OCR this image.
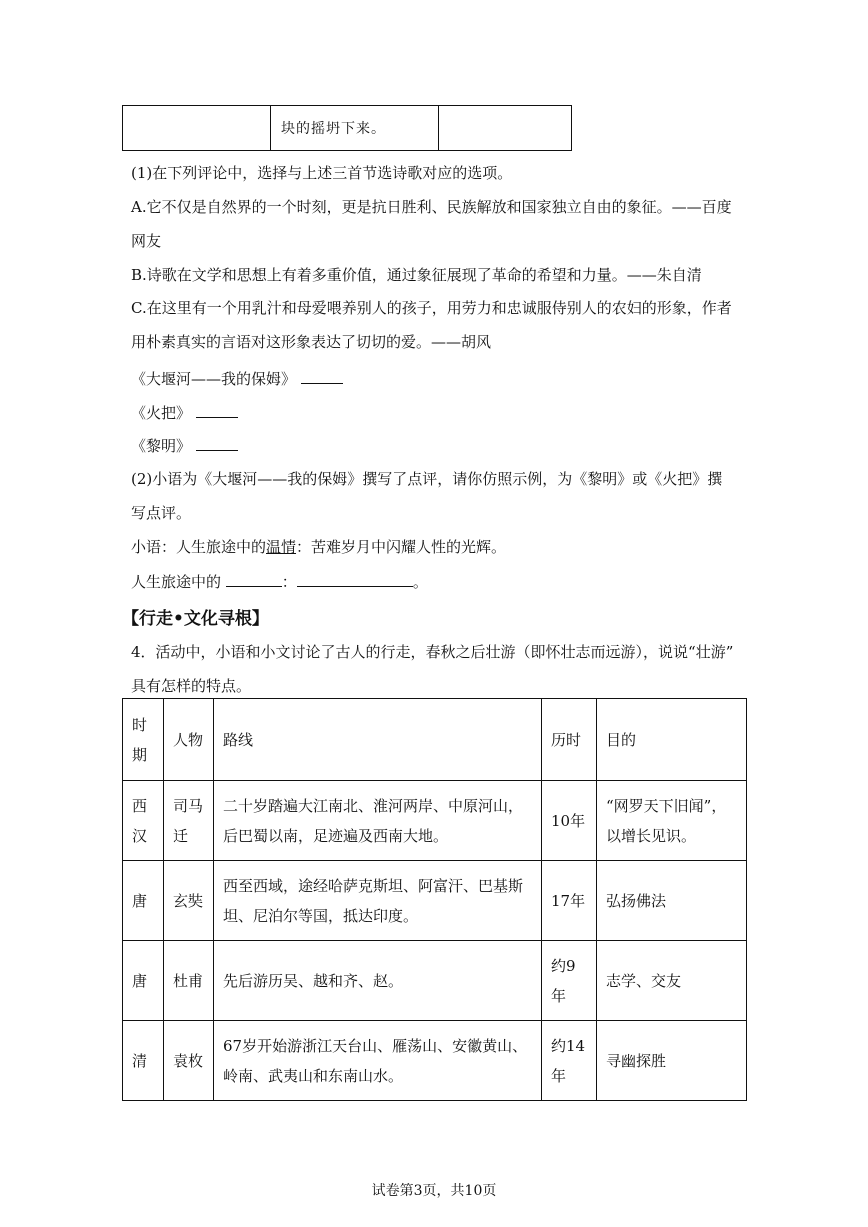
	块的摇坍下来。	
(1)在下列评论中，选择与上述三首节选诗歌对应的选项。
A.它不仅是自然界的一个时刻，更是抗日胜利、民族解放和国家独立自由的象征。——百度
网友
B.诗歌在文学和思想上有着多重价值，通过象征展现了革命的希望和力量。——朱自清
C.在这里有一个用乳汁和母爱喂养别人的孩子，用劳力和忠诚服侍别人的农妇的形象，作者
用朴素真实的言语对这形象表达了切切的爱。——胡风
《大堰河——我的保姆》
《火把》
《黎明》
(2)小语为《大堰河——我的保姆》撰写了点评，请你仿照示例，为《黎明》或《火把》撰
写点评。
小语：人生旅途中的温情：苦难岁月中闪耀人性的光辉。
人生旅途中的	：	。
【行走•文化寻根】
4．活动中，小语和小文讨论了古人的行走，春秋之后壮游（即怀壮志而远游），说说“壮游”
具有怎样的特点。
时期	人物	路线	历时	目的
西汉	司马迁	二十岁踏遍大江南北、淮河两岸、中原河山，后巴蜀以南，足迹遍及西南大地。	10年	“网罗天下旧闻”，以增长见识。
唐	玄奘	西至西域，途经哈萨克斯坦、阿富汗、巴基斯坦、尼泊尔等国，抵达印度。	17年	弘扬佛法
唐	杜甫	先后游历吴、越和齐、赵。	约9年	志学、交友
清	袁枚	67岁开始游浙江天台山、雁荡山、安徽黄山、岭南、武夷山和东南山水。	约14年	寻幽探胜
试卷第3页，共10页
